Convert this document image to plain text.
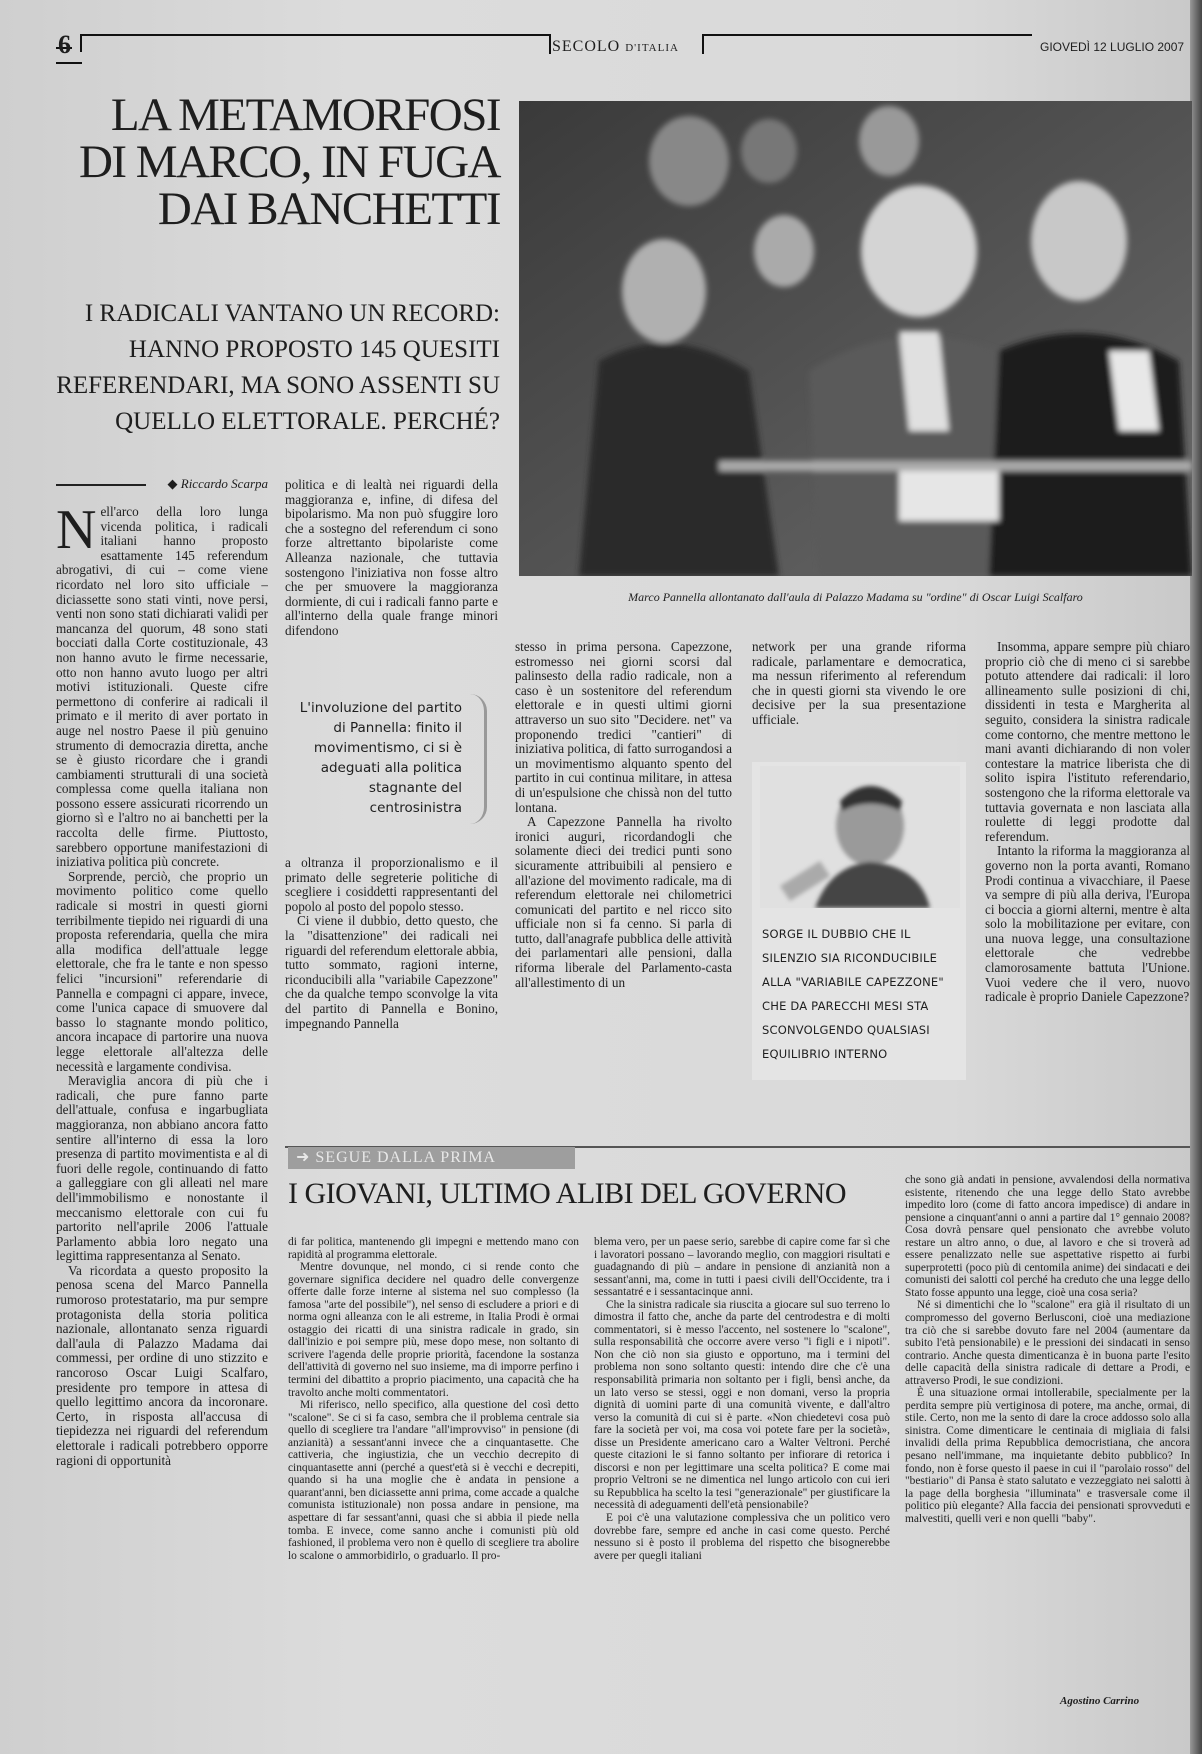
6	SECOLO D'ITALIA	GIOVEDÌ 12 LUGLIO 2007
LA METAMORFOSI DI MARCO, IN FUGA DAI BANCHETTI
I RADICALI VANTANO UN RECORD: HANNO PROPOSTO 145 QUESITI REFERENDARI, MA SONO ASSENTI SU QUELLO ELETTORALE. PERCHÉ?
Marco Pannella allontanato dall'aula di Palazzo Madama su "ordine" di Oscar Luigi Scalfaro
◆ Riccardo Scarpa

Nell'arco della loro lunga vicenda politica, i radicali italiani hanno proposto esattamente 145 referendum abrogativi, di cui – come viene ricordato nel loro sito ufficiale – diciassette sono stati vinti, nove persi, venti non sono stati dichiarati validi per mancanza del quorum, 48 sono stati bocciati dalla Corte costituzionale, 43 non hanno avuto le firme necessarie, otto non hanno avuto luogo per altri motivi istituzionali. Queste cifre permettono di conferire ai radicali il primato e il merito di aver portato in auge nel nostro Paese il più genuino strumento di democrazia diretta, anche se è giusto ricordare che i grandi cambiamenti strutturali di una società complessa come quella italiana non possono essere assicurati ricorrendo un giorno sì e l'altro no ai banchetti per la raccolta delle firme. Piuttosto, sarebbero opportune manifestazioni di iniziativa politica più concrete.

Sorprende, perciò, che proprio un movimento politico come quello radicale si mostri in questi giorni terribilmente tiepido nei riguardi di una proposta referendaria, quella che mira alla modifica dell'attuale legge elettorale, che fra le tante e non spesso felici "incursioni" referendarie di Pannella e compagni ci appare, invece, come l'unica capace di smuovere dal basso lo stagnante mondo politico, ancora incapace di partorire una nuova legge elettorale all'altezza delle necessità e largamente condivisa.

Meraviglia ancora di più che i radicali, che pure fanno parte dell'attuale, confusa e ingarbugliata maggioranza, non abbiano ancora fatto sentire all'interno di essa la loro presenza di partito movimentista e al di fuori delle regole, continuando di fatto a galleggiare con gli alleati nel mare dell'immobilismo e nonostante il meccanismo elettorale con cui fu partorito nell'aprile 2006 l'attuale Parlamento abbia loro negato una legittima rappresentanza al Senato.

Va ricordata a questo proposito la penosa scena del Marco Pannella rumoroso protestatario, ma pur sempre protagonista della storia politica nazionale, allontanato senza riguardi dall'aula di Palazzo Madama dai commessi, per ordine di uno stizzito e rancoroso Oscar Luigi Scalfaro, presidente pro tempore in attesa di quello legittimo ancora da incoronare. Certo, in risposta all'accusa di tiepidezza nei riguardi del referendum elettorale i radicali potrebbero opporre ragioni di opportunità

politica e di lealtà nei riguardi della maggioranza e, infine, di difesa del bipolarismo. Ma non può sfuggire loro che a sostegno del referendum ci sono forze altrettanto bipolariste come Alleanza nazionale, che tuttavia sostengono l'iniziativa non fosse altro che per smuovere la maggioranza dormiente, di cui i radicali fanno parte e all'interno della quale frange minori difendono

L'involuzione del partito di Pannella: finito il movimentismo, ci si è adeguati alla politica stagnante del centrosinistra

a oltranza il proporzionalismo e il primato delle segreterie politiche di scegliere i cosiddetti rappresentanti del popolo al posto del popolo stesso.

Ci viene il dubbio, detto questo, che la "disattenzione" dei radicali nei riguardi del referendum elettorale abbia, tutto sommato, ragioni interne, riconducibili alla "variabile Capezzone" che da qualche tempo sconvolge la vita del partito di Pannella e Bonino, impegnando Pannella

stesso in prima persona. Capezzone, estromesso nei giorni scorsi dal palinsesto della radio radicale, non a caso è un sostenitore del referendum elettorale e in questi ultimi giorni attraverso un suo sito "Decidere. net" va proponendo tredici "cantieri" di iniziativa politica, di fatto surrogandosi a un movimentismo alquanto spento del partito in cui continua militare, in attesa di un'espulsione che chissà non del tutto lontana.

A Capezzone Pannella ha rivolto ironici auguri, ricordandogli che solamente dieci dei tredici punti sono sicuramente attribuibili al pensiero e all'azione del movimento radicale, ma di referendum elettorale nei chilometrici comunicati del partito e nel ricco sito ufficiale non si fa cenno. Si parla di tutto, dall'anagrafe pubblica delle attività dei parlamentari alle pensioni, dalla riforma liberale del Parlamento-casta all'allestimento di un

network per una grande riforma radicale, parlamentare e democratica, ma nessun riferimento al referendum che in questi giorni sta vivendo le ore decisive per la sua presentazione ufficiale.

SORGE IL DUBBIO CHE IL SILENZIO SIA RICONDUCIBILE ALLA "VARIABILE CAPEZZONE" CHE DA PARECCHI MESI STA SCONVOLGENDO QUALSIASI EQUILIBRIO INTERNO

Insomma, appare sempre più chiaro proprio ciò che di meno ci si sarebbe potuto attendere dai radicali: il loro allineamento sulle posizioni di chi, dissidenti in testa e Margherita al seguito, considera la sinistra radicale come contorno, che mentre mettono le mani avanti dichiarando di non voler contestare la matrice liberista che di solito ispira l'istituto referendario, sostengono che la riforma elettorale va tuttavia governata e non lasciata alla roulette di leggi prodotte dal referendum.

Intanto la riforma la maggioranza al governo non la porta avanti, Romano Prodi continua a vivacchiare, il Paese va sempre di più alla deriva, l'Europa ci boccia a giorni alterni, mentre è alta solo la mobilitazione per evitare, con una nuova legge, una consultazione elettorale che vedrebbe clamorosamente battuta l'Unione. Vuoi vedere che il vero, nuovo radicale è proprio Daniele Capezzone?

➜ SEGUE DALLA PRIMA
I GIOVANI, ULTIMO ALIBI DEL GOVERNO

di far politica, mantenendo gli impegni e mettendo mano con rapidità al programma elettorale.

Mentre dovunque, nel mondo, ci si rende conto che governare significa decidere nel quadro delle convergenze offerte dalle forze interne al sistema nel suo complesso (la famosa "arte del possibile"), nel senso di escludere a priori e di norma ogni alleanza con le ali estreme, in Italia Prodi è ormai ostaggio dei ricatti di una sinistra radicale in grado, sin dall'inizio e poi sempre più, mese dopo mese, non soltanto di scrivere l'agenda delle proprie priorità, facendone la sostanza dell'attività di governo nel suo insieme, ma di imporre perfino i termini del dibattito a proprio piacimento, una capacità che ha travolto anche molti commentatori.

Mi riferisco, nello specifico, alla questione del così detto "scalone". Se ci si fa caso, sembra che il problema centrale sia quello di scegliere tra l'andare "all'improvviso" in pensione (di anzianità) a sessant'anni invece che a cinquantasette. Che cattiveria, che ingiustizia, che un vecchio decrepito di cinquantasette anni (perché a quest'età si è vecchi e decrepiti, quando si ha una moglie che è andata in pensione a quarant'anni, ben diciassette anni prima, come accade a qualche comunista istituzionale) non possa andare in pensione, ma aspettare di far sessant'anni, quasi che si abbia il piede nella tomba. E invece, come sanno anche i comunisti più old fashioned, il problema vero non è quello di scegliere tra abolire lo scalone o ammorbidirlo, o graduarlo. Il pro-

blema vero, per un paese serio, sarebbe di capire come far sì che i lavoratori possano – lavorando meglio, con maggiori risultati e guadagnando di più – andare in pensione di anzianità non a sessant'anni, ma, come in tutti i paesi civili dell'Occidente, tra i sessantatré e i sessantacinque anni.

Che la sinistra radicale sia riuscita a giocare sul suo terreno lo dimostra il fatto che, anche da parte del centrodestra e di molti commentatori, si è messo l'accento, nel sostenere lo "scalone", sulla responsabilità che occorre avere verso "i figli e i nipoti". Non che ciò non sia giusto e opportuno, ma i termini del problema non sono soltanto questi: intendo dire che c'è una responsabilità primaria non soltanto per i figli, bensì anche, da un lato verso se stessi, oggi e non domani, verso la propria dignità di uomini parte di una comunità vivente, e dall'altro verso la comunità di cui si è parte. «Non chiedetevi cosa può fare la società per voi, ma cosa voi potete fare per la società», disse un Presidente americano caro a Walter Veltroni. Perché queste citazioni le si fanno soltanto per infiorare di retorica i discorsi e non per legittimare una scelta politica? E come mai proprio Veltroni se ne dimentica nel lungo articolo con cui ieri su Repubblica ha scelto la tesi "generazionale" per giustificare la necessità di adeguamenti dell'età pensionabile?

E poi c'è una valutazione complessiva che un politico vero dovrebbe fare, sempre ed anche in casi come questo. Perché nessuno si è posto il problema del rispetto che bisognerebbe avere per quegli italiani

che sono già andati in pensione, avvalendosi della normativa esistente, ritenendo che una legge dello Stato avrebbe impedito loro (come di fatto ancora impedisce) di andare in pensione a cinquant'anni o anni a partire dal 1° gennaio 2008? Cosa dovrà pensare quel pensionato che avrebbe voluto restare un altro anno, o due, al lavoro e che si troverà ad essere penalizzato nelle sue aspettative rispetto ai furbi superprotetti (poco più di centomila anime) dei sindacati e dei comunisti dei salotti col perché ha creduto che una legge dello Stato fosse appunto una legge, cioè una cosa seria?

Né si dimentichi che lo "scalone" era già il risultato di un compromesso del governo Berlusconi, cioè una mediazione tra ciò che si sarebbe dovuto fare nel 2004 (aumentare da subito l'età pensionabile) e le pressioni dei sindacati in senso contrario. Anche questa dimenticanza è in buona parte l'esito delle capacità della sinistra radicale di dettare a Prodi, e attraverso Prodi, le sue condizioni.

È una situazione ormai intollerabile, specialmente per la perdita sempre più vertiginosa di potere, ma anche, ormai, di stile. Certo, non me la sento di dare la croce addosso solo alla sinistra. Come dimenticare le centinaia di migliaia di falsi invalidi della prima Repubblica democristiana, che ancora pesano nell'immane, ma inquietante debito pubblico? In fondo, non è forse questo il paese in cui il "parolaio rosso" del "bestiario" di Pansa è stato salutato e vezzeggiato nei salotti à la page della borghesia "illuminata" e trasversale come il politico più elegante? Alla faccia dei pensionati sprovveduti e malvestiti, quelli veri e non quelli "baby".

Agostino Carrino
